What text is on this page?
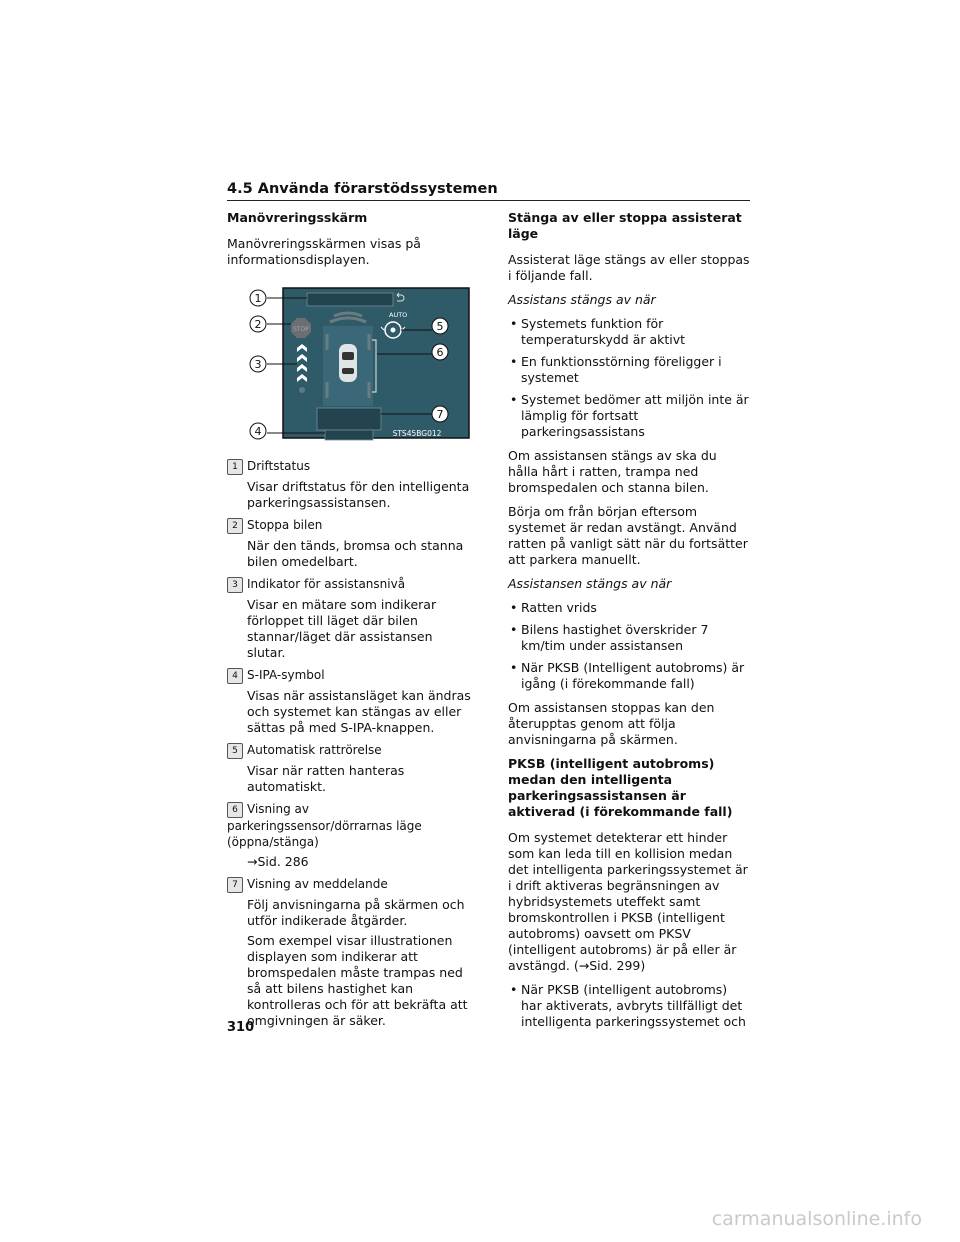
4.5 Använda förarstödssystemen
Manövreringsskärm

Manövreringsskärmen visas på informationsdisplayen.

STOP
AUTO
1
2
3
4
5
6
7
STS45BG012
1 Driftstatus
Visar driftstatus för den intelligenta parkeringsassistansen.
2 Stoppa bilen
När den tänds, bromsa och stanna bilen omedelbart.
3 Indikator för assistansnivå
Visar en mätare som indikerar förloppet till läget där bilen stannar/läget där assistansen slutar.
4 S-IPA-symbol
Visas när assistansläget kan ändras och systemet kan stängas av eller sättas på med S-IPA-knappen.
5 Automatisk rattrörelse
Visar när ratten hanteras automatiskt.
6 Visning av parkeringssensor/dörrarnas läge (öppna/stänga)
→Sid. 286
7 Visning av meddelande
Följ anvisningarna på skärmen och utför indikerade åtgärder.
Som exempel visar illustrationen displayen som indikerar att bromspedalen måste trampas ned så att bilens hastighet kan kontrolleras och för att bekräfta att omgivningen är säker.
Stänga av eller stoppa assisterat läge

Assisterat läge stängs av eller stoppas i följande fall.

Assistans stängs av när

• Systemets funktion för temperaturskydd är aktivt
• En funktionsstörning föreligger i systemet
• Systemet bedömer att miljön inte är lämplig för fortsatt parkeringsassistans

Om assistansen stängs av ska du hålla hårt i ratten, trampa ned bromspedalen och stanna bilen.

Börja om från början eftersom systemet är redan avstängt. Använd ratten på vanligt sätt när du fortsätter att parkera manuellt.

Assistansen stängs av när

• Ratten vrids
• Bilens hastighet överskrider 7 km/tim under assistansen
• När PKSB (Intelligent autobroms) är igång (i förekommande fall)

Om assistansen stoppas kan den återupptas genom att följa anvisningarna på skärmen.

PKSB (intelligent autobroms) medan den intelligenta parkeringsassistansen är aktiverad (i förekommande fall)

Om systemet detekterar ett hinder som kan leda till en kollision medan det intelligenta parkeringssystemet är i drift aktiveras begränsningen av hybridsystemets uteffekt samt bromskontrollen i PKSB (intelligent autobroms) oavsett om PKSV (intelligent autobroms) är på eller är avstängd. (→Sid. 299)

• När PKSB (intelligent autobroms) har aktiverats, avbryts tillfälligt det intelligenta parkeringssystemet och
310
carmanualsonline.info
